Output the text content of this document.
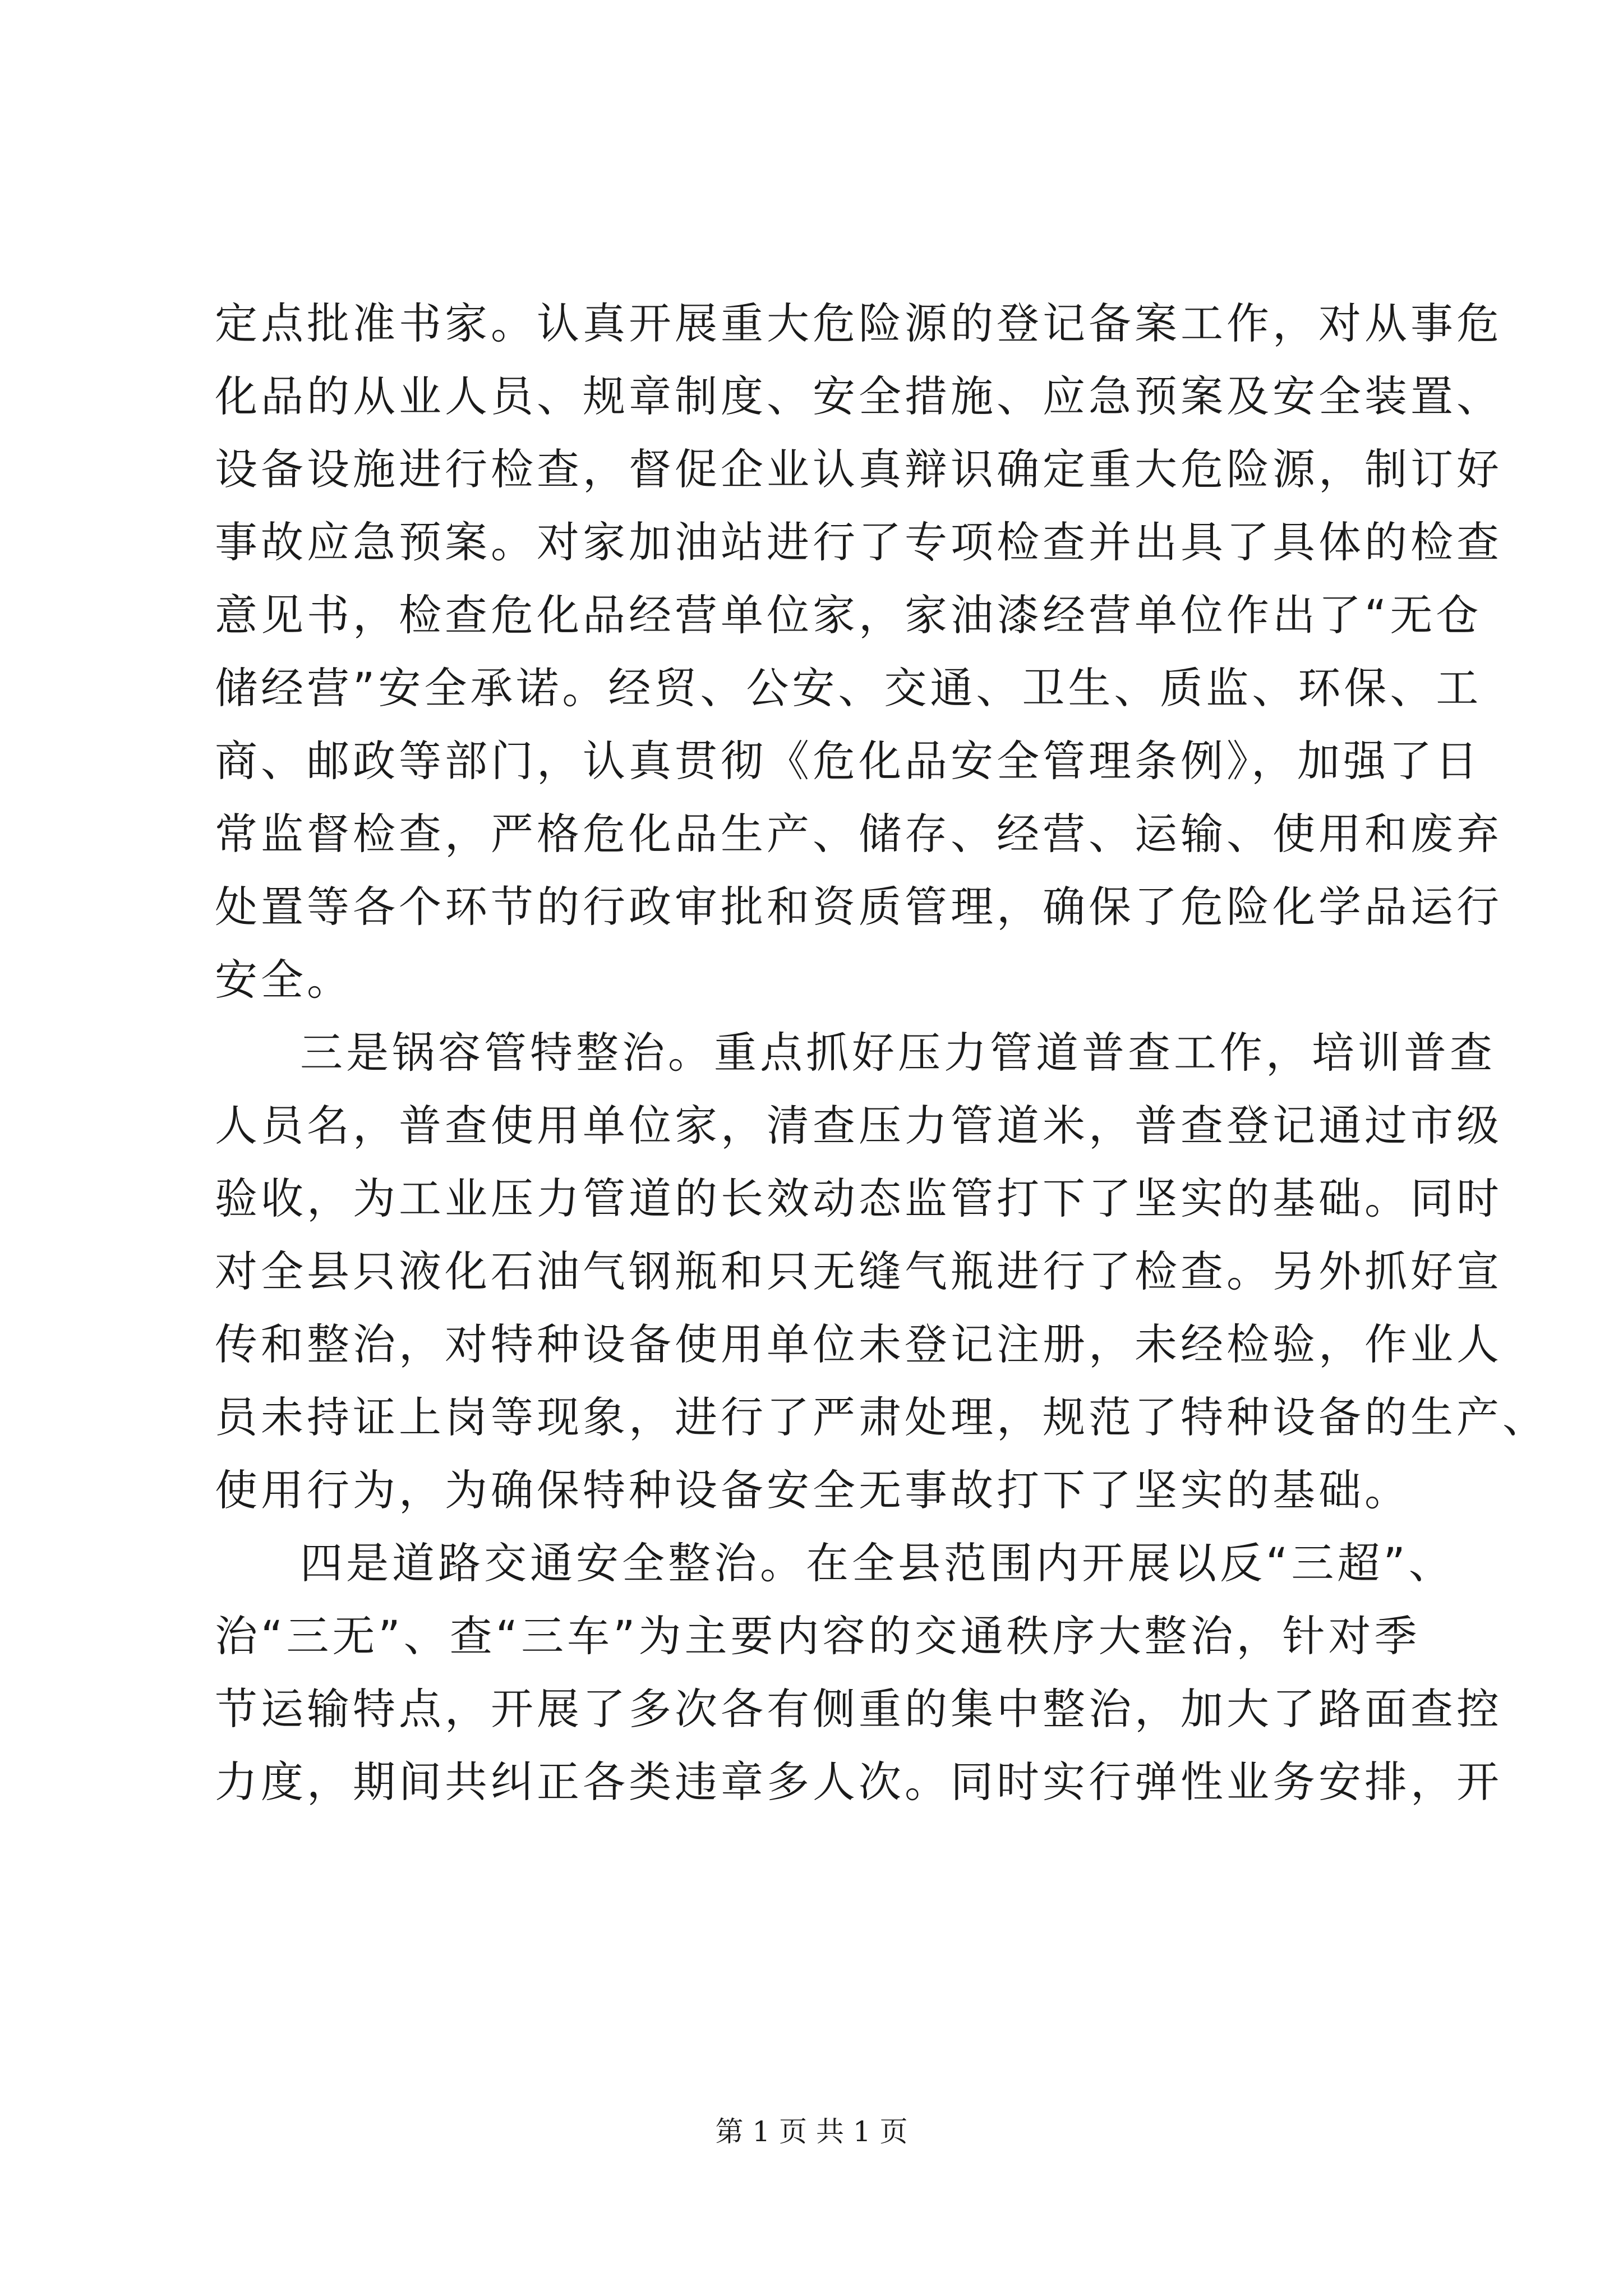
定点批准书家。认真开展重大危险源的登记备案工作，对从事危
化品的从业人员、规章制度、安全措施、应急预案及安全装置、
设备设施进行检查，督促企业认真辩识确定重大危险源，制订好
事故应急预案。对家加油站进行了专项检查并出具了具体的检查
意见书，检查危化品经营单位家，家油漆经营单位作出了“无仓
储经营”安全承诺。经贸、公安、交通、卫生、质监、环保、工
商、邮政等部门，认真贯彻《危化品安全管理条例》，加强了日
常监督检查，严格危化品生产、储存、经营、运输、使用和废弃
处置等各个环节的行政审批和资质管理，确保了危险化学品运行
安全。
三是锅容管特整治。重点抓好压力管道普查工作，培训普查
人员名，普查使用单位家，清查压力管道米，普查登记通过市级
验收，为工业压力管道的长效动态监管打下了坚实的基础。同时
对全县只液化石油气钢瓶和只无缝气瓶进行了检查。另外抓好宣
传和整治，对特种设备使用单位未登记注册，未经检验，作业人
员未持证上岗等现象，进行了严肃处理，规范了特种设备的生产、
使用行为，为确保特种设备安全无事故打下了坚实的基础。
四是道路交通安全整治。在全县范围内开展以反“三超”、
治“三无”、查“三车”为主要内容的交通秩序大整治，针对季
节运输特点，开展了多次各有侧重的集中整治，加大了路面查控
力度，期间共纠正各类违章多人次。同时实行弹性业务安排，开
第 1 页 共 1 页
